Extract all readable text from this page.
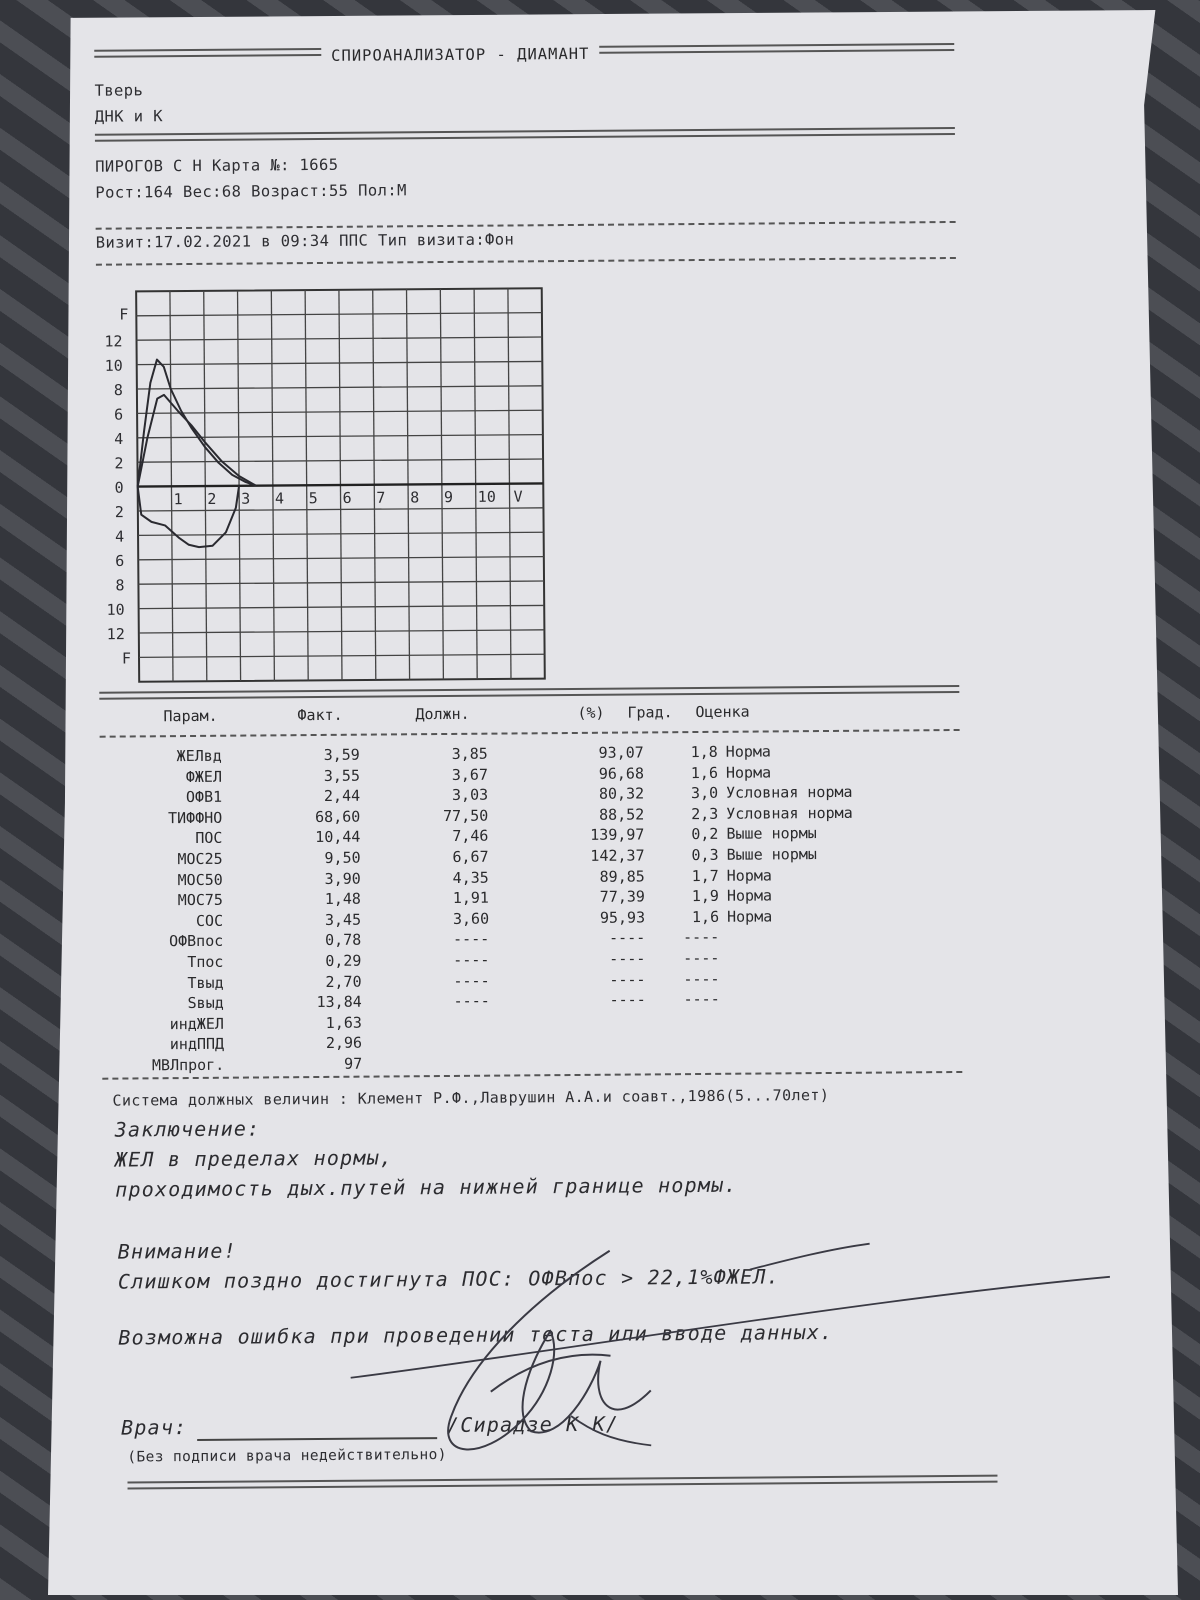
СПИРОАНАЛИЗАТОР - ДИАМАНТ
Тверь
ДНК и К
ПИРОГОВ С Н Карта №: 1665
Рост:164 Вес:68 Возраст:55 Пол:М
Визит:17.02.2021 в 09:34 ППС Тип визита:Фон
F
12
10
8
6
4
2
0
2
4
6
8
10
12
F
1 2 3 4 5 6 7 8 9 10 V
Парам.	Факт.	Должн.	(%) Град. Оценка
ЖЕЛвд	3,59	3,85	93,07	1,8 Норма
ФЖЕЛ	3,55	3,67	96,68	1,6 Норма
ОФВ1	2,44	3,03	80,32	3,0 Условная норма
ТИФФНО	68,60	77,50	88,52	2,3 Условная норма
ПОС	10,44	7,46	139,97	0,2 Выше нормы
МОС25	9,50	6,67	142,37	0,3 Выше нормы
МОС50	3,90	4,35	89,85	1,7 Норма
МОС75	1,48	1,91	77,39	1,9 Норма
СОС	3,45	3,60	95,93	1,6 Норма
ОФВпос	0,78	----	----	----
Тпос	0,29	----	----	----
Твыд	2,70	----	----	----
Sвыд	13,84	----	----	----
индЖЕЛ	1,63
индППД	2,96
МВЛпрог.	97
Система должных величин : Клемент Р.Ф.,Лаврушин А.А.и соавт.,1986(5...70лет)
Заключение:
ЖЕЛ в пределах нормы,
проходимость дых.путей на нижней границе нормы.
Внимание!
Слишком поздно достигнута ПОС: ОФВпос > 22,1%ФЖЕЛ.
Возможна ошибка при проведении теста или вводе данных.
Врач:	/Сирадзе К К/
(Без подписи врача недействительно)
